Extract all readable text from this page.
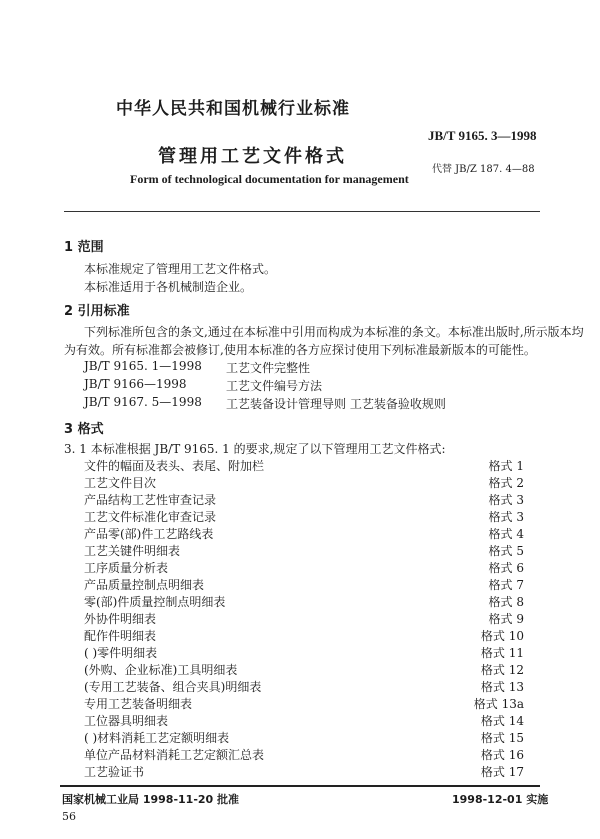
中华人民共和国机械行业标准
JB/T 9165. 3—1998
管理用工艺文件格式
代替 JB/Z 187. 4—88
Form of technological documentation for management
1 范围
本标准规定了管理用工艺文件格式。
本标准适用于各机械制造企业。
2 引用标准
下列标准所包含的条文,通过在本标准中引用而构成为本标准的条文。本标准出版时,所示版本均
为有效。所有标准都会被修订,使用本标准的各方应探讨使用下列标准最新版本的可能性。
JB/T 9165. 1—1998 工艺文件完整性
JB/T 9166—1998	工艺文件编号方法
JB/T 9167. 5—1998 工艺装备设计管理导则 工艺装备验收规则
3 格式
3. 1 本标准根据 JB/T 9165. 1 的要求,规定了以下管理用工艺文件格式:
文件的幅面及表头、表尾、附加栏	格式 1
工艺文件目次	格式 2
产品结构工艺性审查记录	格式 3
工艺文件标准化审查记录	格式 3
产品零(部)件工艺路线表	格式 4
工艺关键件明细表	格式 5
工序质量分析表	格式 6
产品质量控制点明细表	格式 7
零(部)件质量控制点明细表	格式 8
外协件明细表	格式 9
配作件明细表	格式 10
( )零件明细表	格式 11
(外购、企业标准)工具明细表	格式 12
(专用工艺装备、组合夹具)明细表	格式 13
专用工艺装备明细表	格式 13a
工位器具明细表	格式 14
( )材料消耗工艺定额明细表	格式 15
单位产品材料消耗工艺定额汇总表	格式 16
工艺验证书	格式 17
国家机械工业局 1998-11-20 批准	1998-12-01 实施
56
